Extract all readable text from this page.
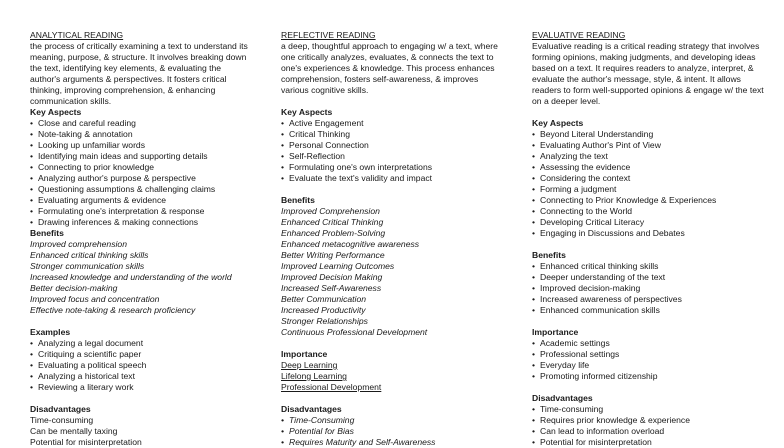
ANALYTICAL READING

the process of critically examining a text to understand its meaning, purpose, & structure. It involves breaking down the text, identifying key elements, & evaluating the author's arguments & perspectives. It fosters critical thinking, improving comprehension, & enhancing communication skills.

Key Aspects
• Close and careful reading
• Note-taking & annotation
• Looking up unfamiliar words
• Identifying main ideas and supporting details
• Connecting to prior knowledge
• Analyzing author's purpose & perspective
• Questioning assumptions & challenging claims
• Evaluating arguments & evidence
• Formulating one's interpretation & response
• Drawing inferences & making connections
Benefits
Improved comprehension
Enhanced critical thinking skills
Stronger communication skills
Increased knowledge and understanding of the world
Better decision-making
Improved focus and concentration
Effective note-taking & research proficiency
Examples
• Analyzing a legal document
• Critiquing a scientific paper
• Evaluating a political speech
• Analyzing a historical text
• Reviewing a literary work
Disadvantages
Time-consuming
Can be mentally taxing
Potential for misinterpretation
REFLECTIVE READING

a deep, thoughtful approach to engaging w/ a text, where one critically analyzes, evaluates, & connects the text to one's experiences & knowledge. This process enhances comprehension, fosters self-awareness, & improves various cognitive skills.

Key Aspects
• Active Engagement
• Critical Thinking
• Personal Connection
• Self-Reflection
• Formulating one's own interpretations
• Evaluate the text's validity and impact
Benefits
Improved Comprehension
Enhanced Critical Thinking
Enhanced Problem-Solving
Enhanced metacognitive awareness
Better Writing Performance
Improved Learning Outcomes
Improved Decision Making
Increased Self-Awareness
Better Communication
Increased Productivity
Stronger Relationships
Continuous Professional Development
Importance
Deep Learning
Lifelong Learning
Professional Development
Disadvantages
• Time-Consuming
• Potential for Bias
• Requires Maturity and Self-Awareness
EVALUATIVE READING

Evaluative reading is a critical reading strategy that involves forming opinions, making judgments, and developing ideas based on a text. It requires readers to analyze, interpret, & evaluate the author's message, style, & intent. It allows readers to form well-supported opinions & engage w/ the text on a deeper level.

Key Aspects
• Beyond Literal Understanding
• Evaluating Author's Pint of View
• Analyzing the text
• Assessing the evidence
• Considering the context
• Forming a judgment
• Connecting to Prior Knowledge & Experiences
• Connecting to the World
• Developing Critical Literacy
• Engaging in Discussions and Debates
Benefits
• Enhanced critical thinking skills
• Deeper understanding of the text
• Improved decision-making
• Increased awareness of perspectives
• Enhanced communication skills
Importance
• Academic settings
• Professional settings
• Everyday life
• Promoting informed citizenship
Disadvantages
• Time-consuming
• Requires prior knowledge & experience
• Can lead to information overload
• Potential for misinterpretation
